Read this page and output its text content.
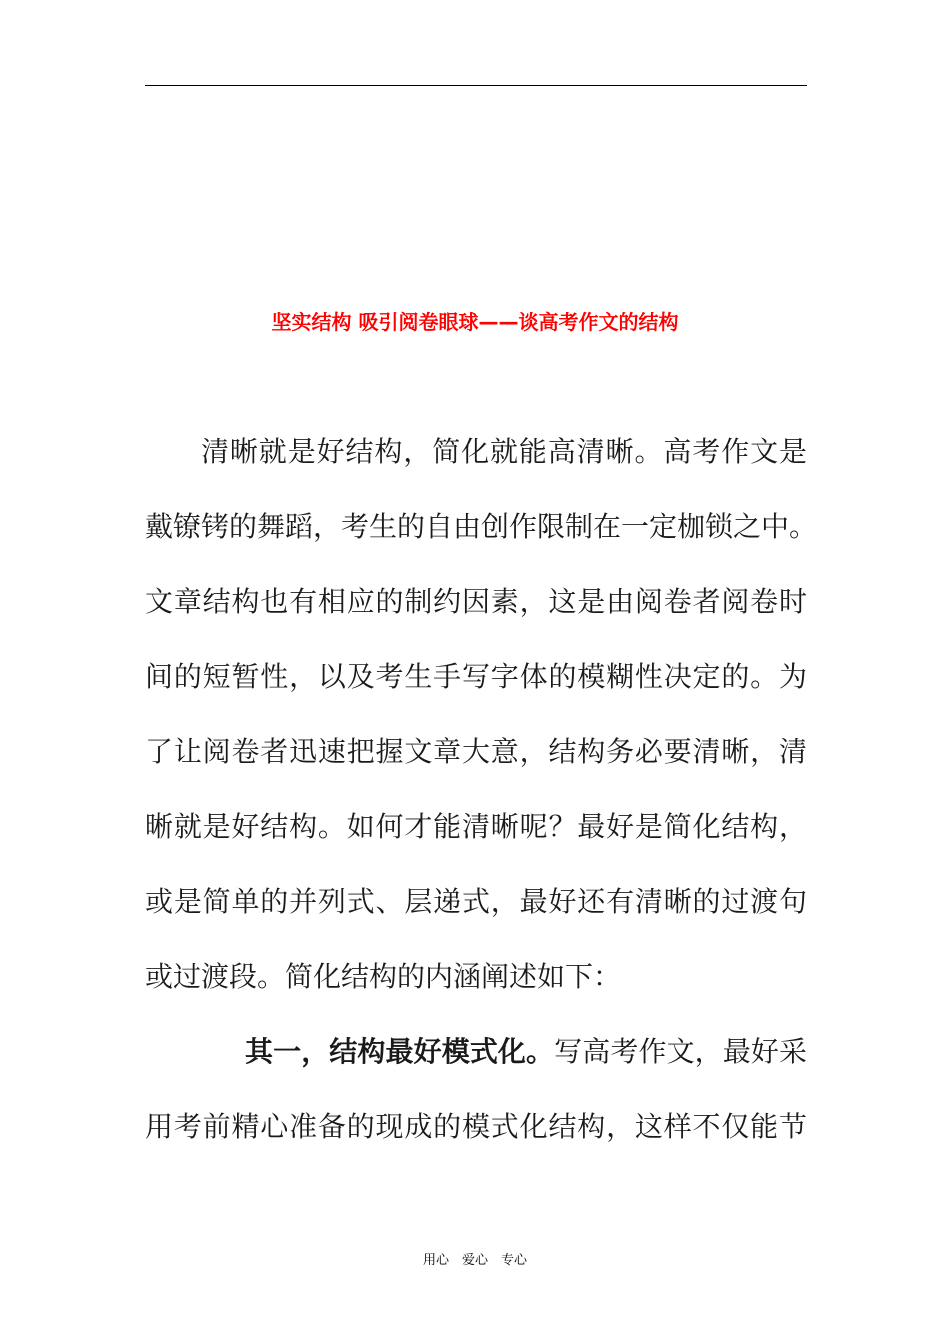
坚实结构 吸引阅卷眼球——谈高考作文的结构
清晰就是好结构，简化就能高清晰。高考作文是
戴镣铐的舞蹈，考生的自由创作限制在一定枷锁之中。
文章结构也有相应的制约因素，这是由阅卷者阅卷时
间的短暂性，以及考生手写字体的模糊性决定的。为
了让阅卷者迅速把握文章大意，结构务必要清晰，清
晰就是好结构。如何才能清晰呢？最好是简化结构，
或是简单的并列式、层递式，最好还有清晰的过渡句
或过渡段。简化结构的内涵阐述如下：
其一，结构最好模式化。写高考作文，最好采
用考前精心准备的现成的模式化结构，这样不仅能节
用心　爱心　专心
